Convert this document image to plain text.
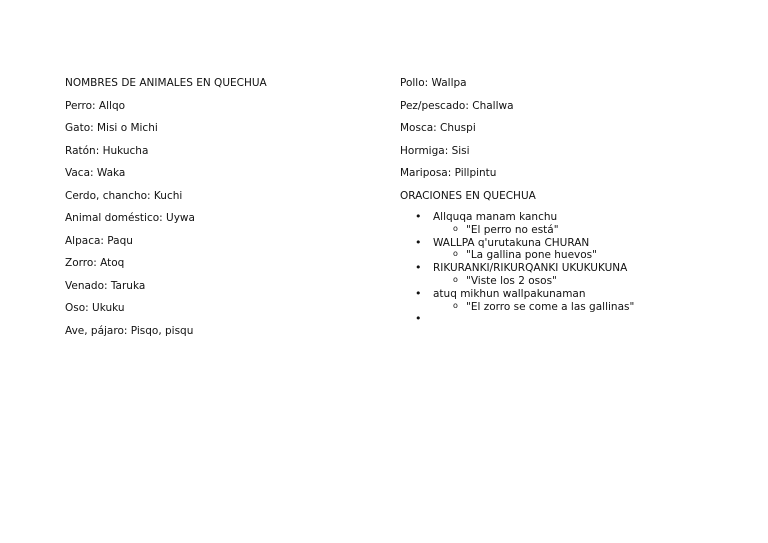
NOMBRES DE ANIMALES EN QUECHUA
Perro: Allqo
Gato: Misi o Michi
Ratón: Hukucha
Vaca: Waka
Cerdo, chancho: Kuchi
Animal doméstico: Uywa
Alpaca: Paqu
Zorro: Atoq
Venado: Taruka
Oso: Ukuku
Ave, pájaro: Pisqo, pisqu
Pollo: Wallpa
Pez/pescado: Challwa
Mosca: Chuspi
Hormiga: Sisi
Mariposa: Pillpintu
ORACIONES EN QUECHUA
• Allquqa manam kanchu
o "El perro no está"
• WALLPA q'urutakuna CHURAN
o "La gallina pone huevos"
• RIKURANKI/RIKURQANKI UKUKUKUNA
o "Viste los 2 osos"
• atuq mikhun wallpakunaman
o "El zorro se come a las gallinas"
•
